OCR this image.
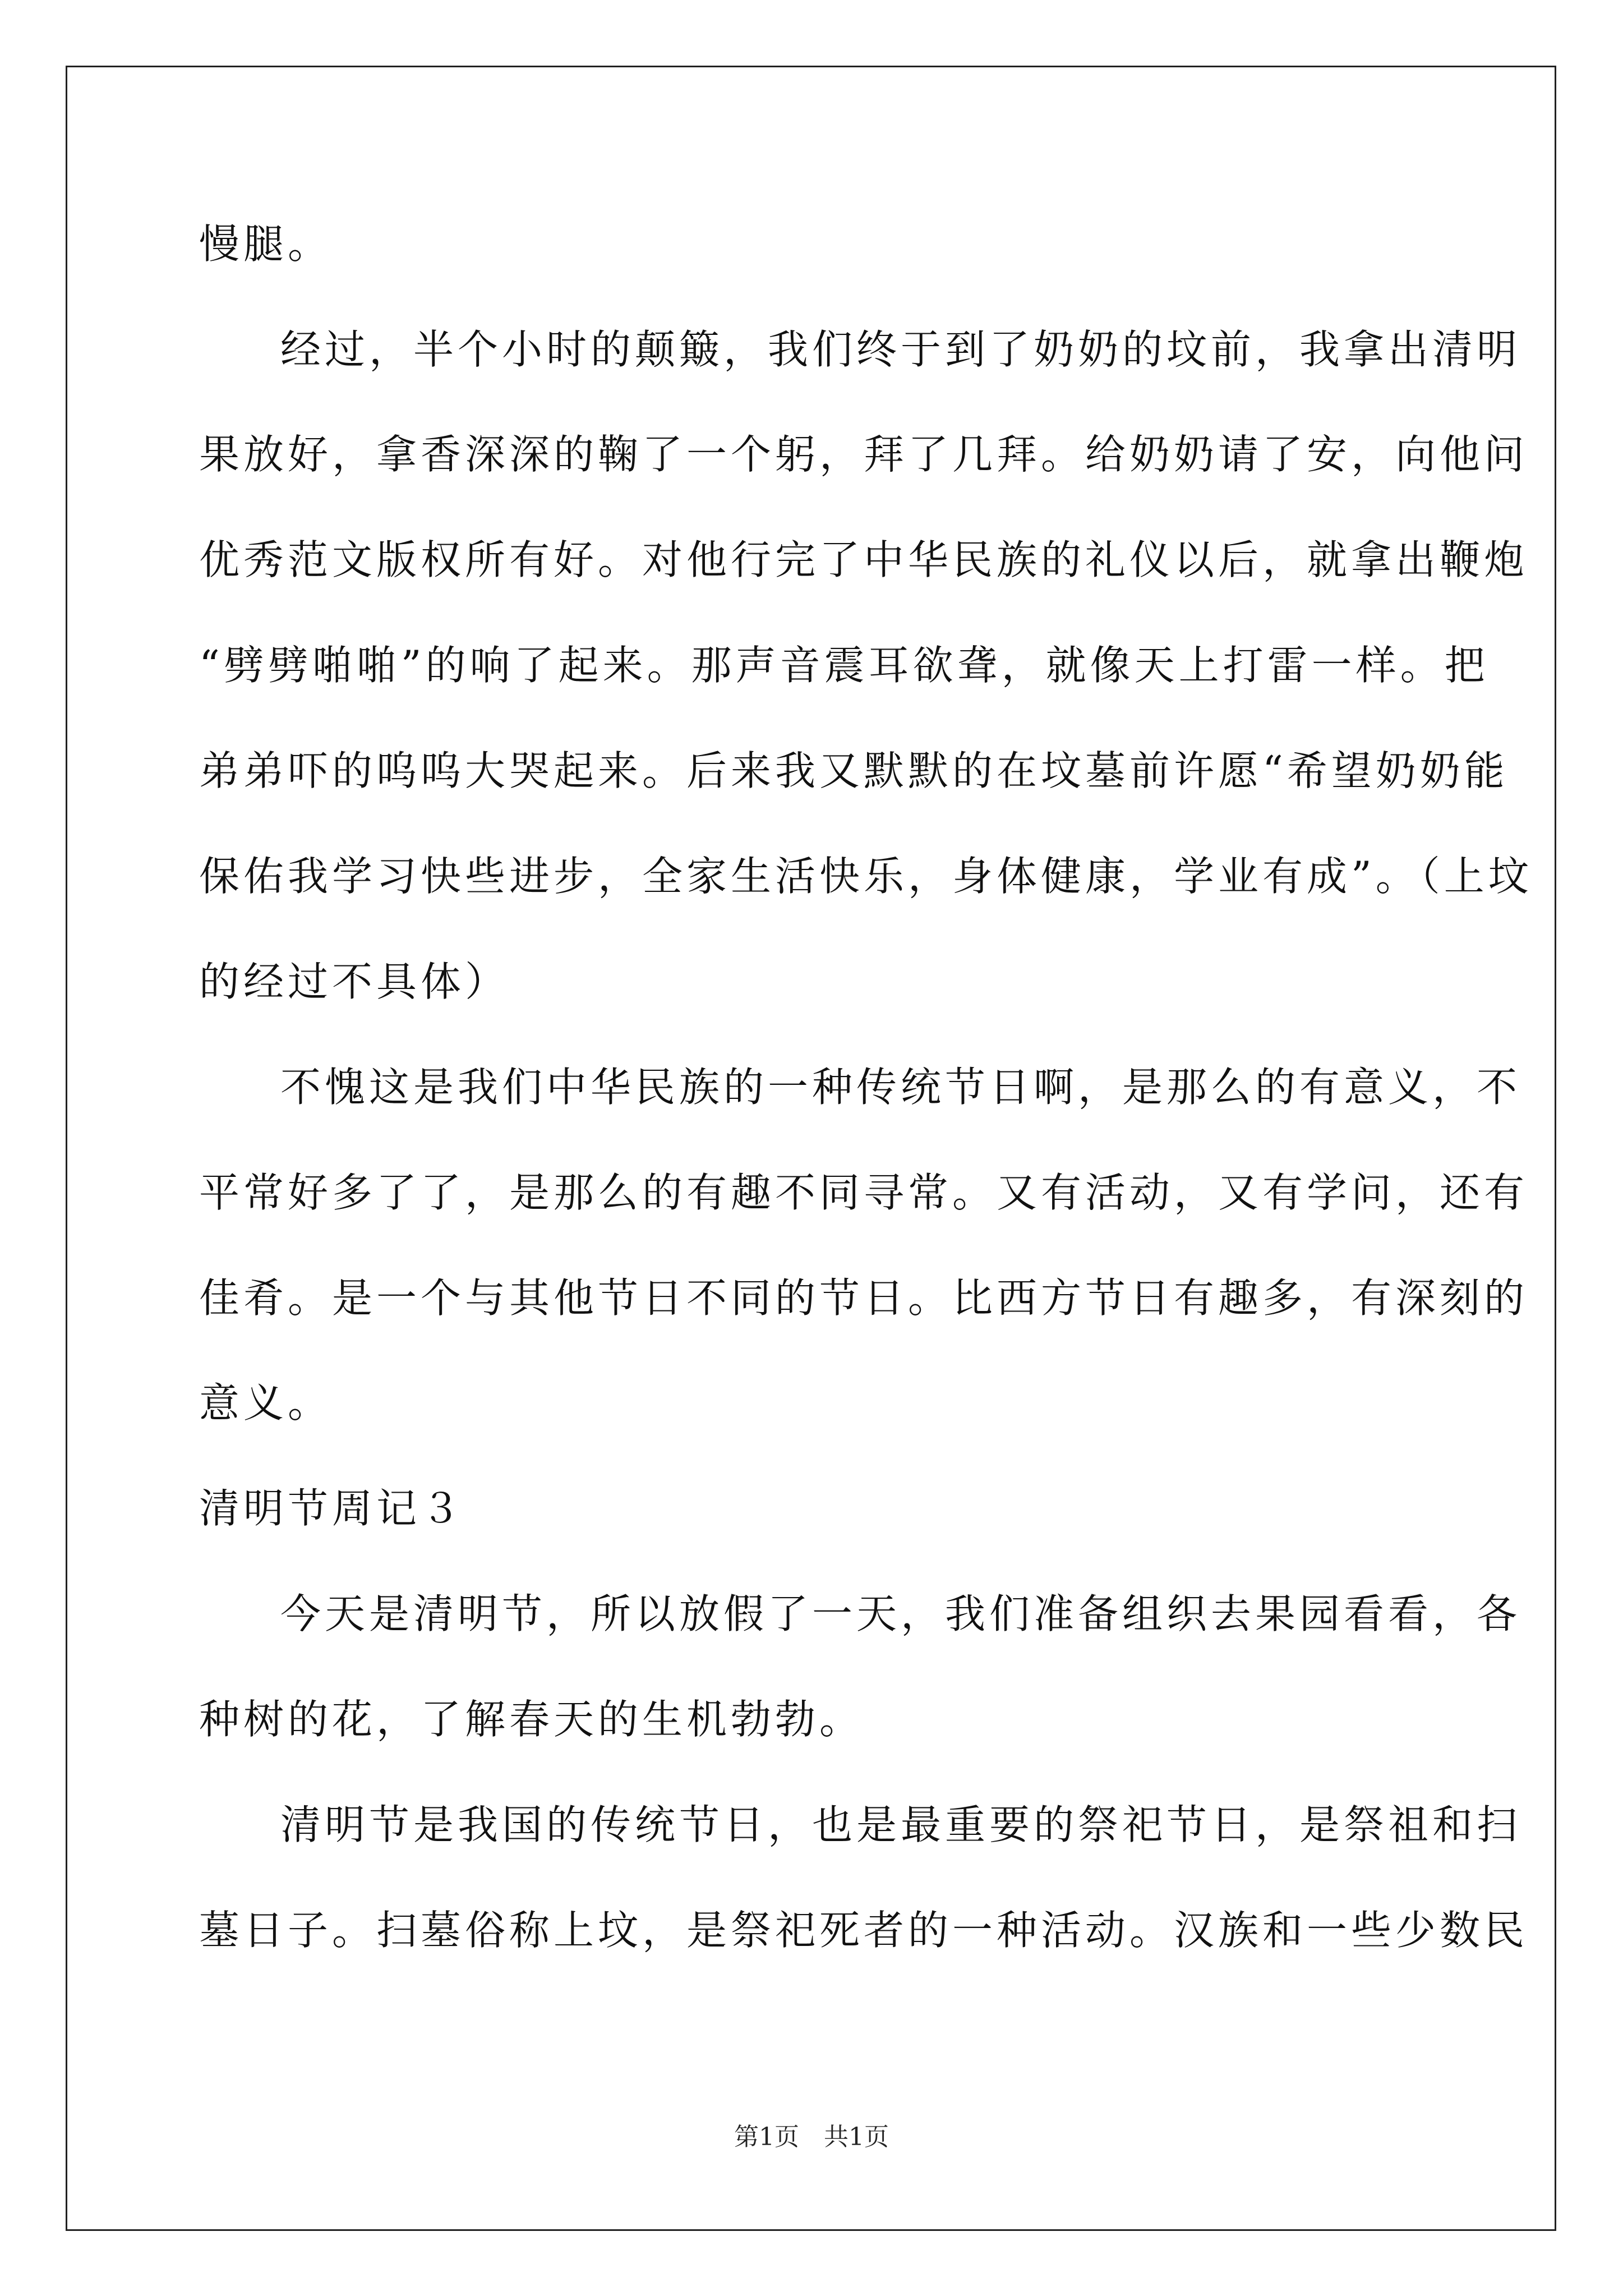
慢腿。
经过，半个小时的颠簸，我们终于到了奶奶的坟前，我拿出清明
果放好，拿香深深的鞠了一个躬，拜了几拜。给奶奶请了安，向他问
优秀范文版权所有好。对他行完了中华民族的礼仪以后，就拿出鞭炮
“劈劈啪啪”的响了起来。那声音震耳欲聋，就像天上打雷一样。把
弟弟吓的呜呜大哭起来。后来我又默默的在坟墓前许愿“希望奶奶能
保佑我学习快些进步，全家生活快乐，身体健康，学业有成”。（上坟
的经过不具体）
不愧这是我们中华民族的一种传统节日啊，是那么的有意义，不
平常好多了了，是那么的有趣不同寻常。又有活动，又有学问，还有
佳肴。是一个与其他节日不同的节日。比西方节日有趣多，有深刻的
意义。
清明节周记３
今天是清明节，所以放假了一天，我们准备组织去果园看看，各
种树的花，了解春天的生机勃勃。
清明节是我国的传统节日，也是最重要的祭祀节日，是祭祖和扫
墓日子。扫墓俗称上坟，是祭祀死者的一种活动。汉族和一些少数民
第1页　共1页
